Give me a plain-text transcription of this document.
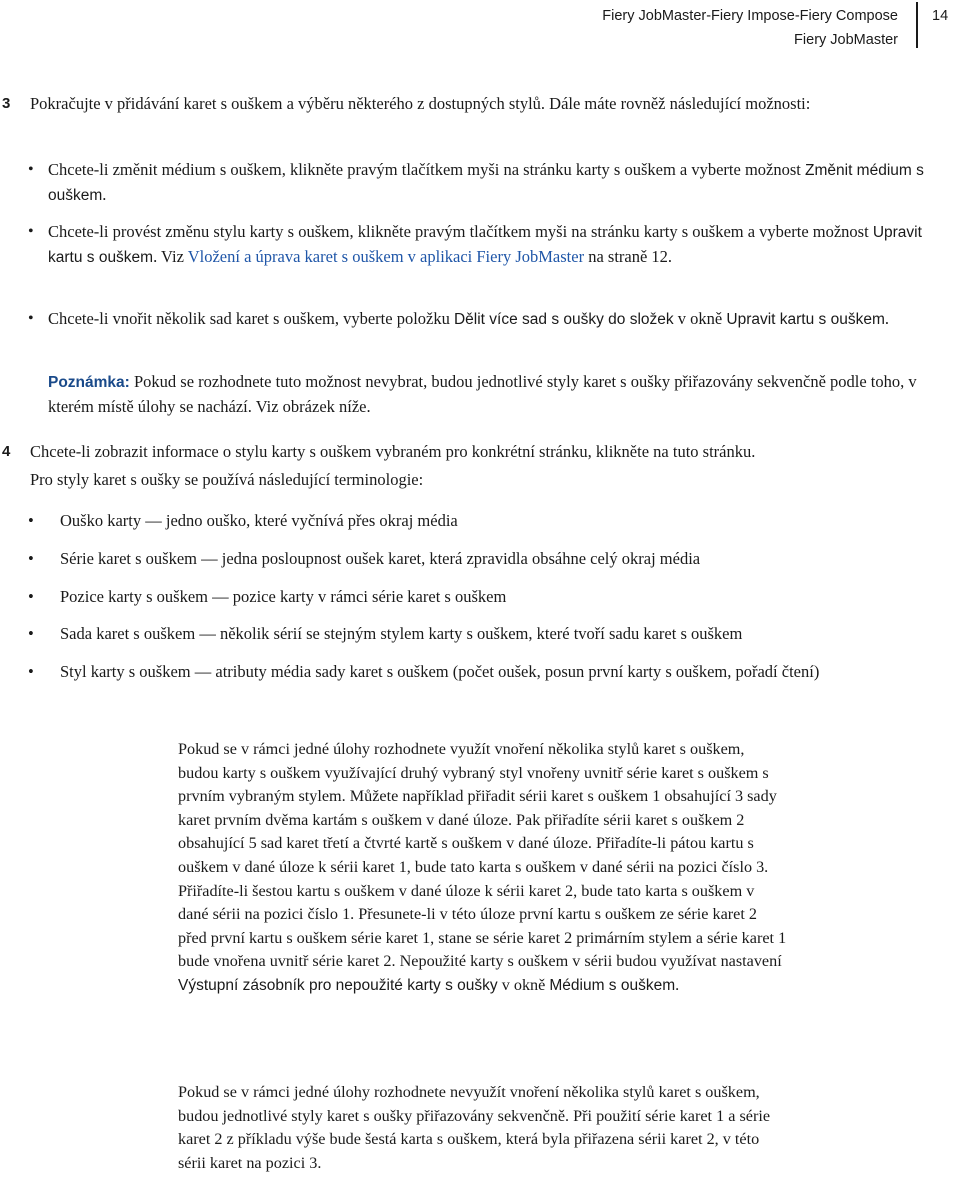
Fiery JobMaster-Fiery Impose-Fiery Compose
Fiery JobMaster
14
3 Pokračujte v přidávání karet s ouškem a výběru některého z dostupných stylů. Dále máte rovněž následující možnosti:
• Chcete-li změnit médium s ouškem, klikněte pravým tlačítkem myši na stránku karty s ouškem a vyberte možnost Změnit médium s ouškem.
• Chcete-li provést změnu stylu karty s ouškem, klikněte pravým tlačítkem myši na stránku karty s ouškem a vyberte možnost Upravit kartu s ouškem. Viz Vložení a úprava karet s ouškem v aplikaci Fiery JobMaster na straně 12.
• Chcete-li vnořit několik sad karet s ouškem, vyberte položku Dělit více sad s oušky do složek v okně Upravit kartu s ouškem.
Poznámka: Pokud se rozhodnete tuto možnost nevybrat, budou jednotlivé styly karet s oušky přiřazovány sekvenčně podle toho, v kterém místě úlohy se nachází. Viz obrázek níže.
4 Chcete-li zobrazit informace o stylu karty s ouškem vybraném pro konkrétní stránku, klikněte na tuto stránku.
Pro styly karet s oušky se používá následující terminologie:
• Ouško karty — jedno ouško, které vyčnívá přes okraj média
• Série karet s ouškem — jedna posloupnost oušek karet, která zpravidla obsáhne celý okraj média
• Pozice karty s ouškem — pozice karty v rámci série karet s ouškem
• Sada karet s ouškem — několik sérií se stejným stylem karty s ouškem, které tvoří sadu karet s ouškem
• Styl karty s ouškem — atributy média sady karet s ouškem (počet oušek, posun první karty s ouškem, pořadí čtení)
Pokud se v rámci jedné úlohy rozhodnete využít vnoření několika stylů karet s ouškem, budou karty s ouškem využívající druhý vybraný styl vnořeny uvnitř série karet s ouškem s prvním vybraným stylem. Můžete například přiřadit sérii karet s ouškem 1 obsahující 3 sady karet prvním dvěma kartám s ouškem v dané úloze. Pak přiřadíte sérii karet s ouškem 2 obsahující 5 sad karet třetí a čtvrté kartě s ouškem v dané úloze. Přiřadíte-li pátou kartu s ouškem v dané úloze k sérii karet 1, bude tato karta s ouškem v dané sérii na pozici číslo 3. Přiřadíte-li šestou kartu s ouškem v dané úloze k sérii karet 2, bude tato karta s ouškem v dané sérii na pozici číslo 1. Přesunete-li v této úloze první kartu s ouškem ze série karet 2 před první kartu s ouškem série karet 1, stane se série karet 2 primárním stylem a série karet 1 bude vnořena uvnitř série karet 2. Nepoužité karty s ouškem v sérii budou využívat nastavení Výstupní zásobník pro nepoužité karty s oušky v okně Médium s ouškem.
Pokud se v rámci jedné úlohy rozhodnete nevyužít vnoření několika stylů karet s ouškem, budou jednotlivé styly karet s oušky přiřazovány sekvenčně. Při použití série karet 1 a série karet 2 z příkladu výše bude šestá karta s ouškem, která byla přiřazena sérii karet 2, v této sérii karet na pozici 3.
